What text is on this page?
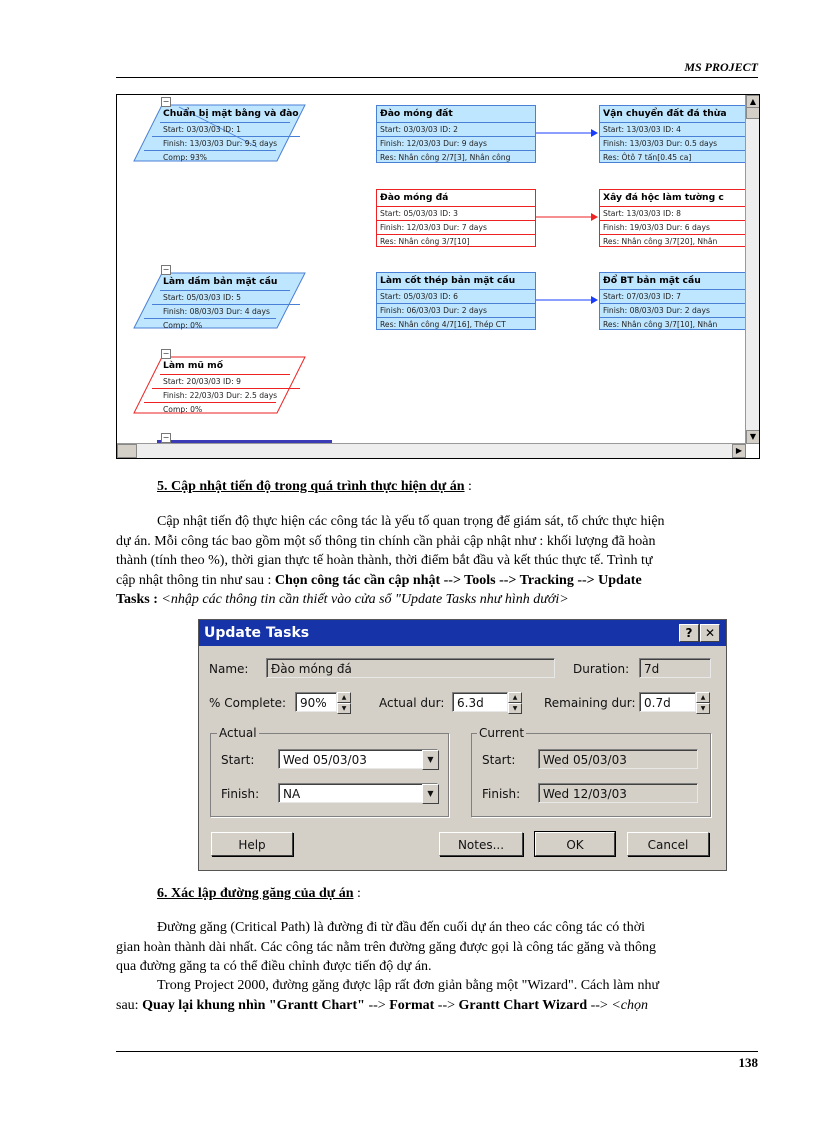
MS PROJECT
−
−
−
−
Chuẩn bị mặt bằng và đào
Start: 03/03/03 ID: 1
Finish: 13/03/03 Dur: 9.5 days
Comp: 93%
Đào móng đất
Start: 03/03/03 ID: 2
Finish: 12/03/03 Dur: 9 days
Res: Nhân công 2/7[3], Nhân công
Vận chuyển đất đá thừa
Start: 13/03/03 ID: 4
Finish: 13/03/03 Dur: 0.5 days
Res: Ôtô 7 tấn[0.45 ca]
Đào móng đá
Start: 05/03/03 ID: 3
Finish: 12/03/03 Dur: 7 days
Res: Nhân công 3/7[10]
Xây đá hộc làm tường c
Start: 13/03/03 ID: 8
Finish: 19/03/03 Dur: 6 days
Res: Nhân công 3/7[20], Nhân
Làm dầm bản mặt cầu
Start: 05/03/03 ID: 5
Finish: 08/03/03 Dur: 4 days
Comp: 0%
Làm cốt thép bản mặt cầu
Start: 05/03/03 ID: 6
Finish: 06/03/03 Dur: 2 days
Res: Nhân công 4/7[16], Thép CT
Đổ BT bản mặt cầu
Start: 07/03/03 ID: 7
Finish: 08/03/03 Dur: 2 days
Res: Nhân công 3/7[10], Nhân
Làm mũ mố
Start: 20/03/03 ID: 9
Finish: 22/03/03 Dur: 2.5 days
Comp: 0%
▲
▼
▶
5. Cập nhật tiến độ trong quá trình thực hiện dự án :
Cập nhật tiến độ thực hiện các công tác là yếu tố quan trọng để giám sát, tổ chức thực hiện
dự án. Mỗi công tác bao gồm một số thông tin chính cần phải cập nhật như : khối lượng đã hoàn
thành (tính theo %), thời gian thực tế hoàn thành, thời điểm bắt đầu và kết thúc thực tế. Trình tự
cập nhật thông tin như sau : Chọn công tác cần cập nhật --> Tools --> Tracking --> Update
Tasks : <nhập các thông tin cần thiết vào cửa sổ "Update Tasks như hình dưới>
Update Tasks	?	✕
Name:	Đào móng đá	Duration:	7d
% Complete:	90%	▲
▼	Actual dur:	6.3d	▲
▼	Remaining dur: 0.7d	▲
▼
Actual
Start:	Wed 05/03/03	▼
Finish:	NA	▼
Current
Start:	Wed 05/03/03
Finish:	Wed 12/03/03
Help	Notes...	OK	Cancel
6. Xác lập đường găng của dự án :
Đường găng (Critical Path) là đường đi từ đầu đến cuối dự án theo các công tác có thời
gian hoàn thành dài nhất. Các công tác nằm trên đường găng được gọi là công tác găng và thông
qua đường găng ta có thể điều chỉnh được tiến độ dự án.
Trong Project 2000, đường găng được lập rất đơn giản bằng một "Wizard". Cách làm như
sau: Quay lại khung nhìn "Grantt Chart" --> Format --> Grantt Chart Wizard --> <chọn
138
